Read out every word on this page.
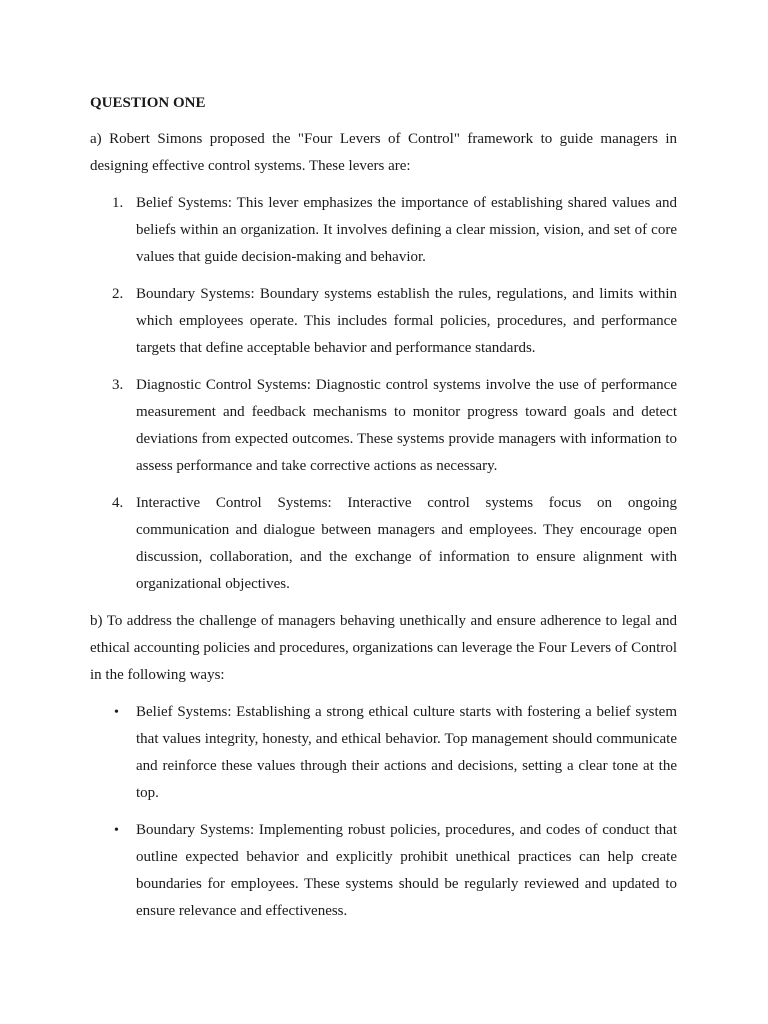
QUESTION ONE

a) Robert Simons proposed the "Four Levers of Control" framework to guide managers in designing effective control systems. These levers are:

1. Belief Systems: This lever emphasizes the importance of establishing shared values and beliefs within an organization. It involves defining a clear mission, vision, and set of core values that guide decision-making and behavior.
2. Boundary Systems: Boundary systems establish the rules, regulations, and limits within which employees operate. This includes formal policies, procedures, and performance targets that define acceptable behavior and performance standards.
3. Diagnostic Control Systems: Diagnostic control systems involve the use of performance measurement and feedback mechanisms to monitor progress toward goals and detect deviations from expected outcomes. These systems provide managers with information to assess performance and take corrective actions as necessary.
4. Interactive Control Systems: Interactive control systems focus on ongoing communication and dialogue between managers and employees. They encourage open discussion, collaboration, and the exchange of information to ensure alignment with organizational objectives.

b) To address the challenge of managers behaving unethically and ensure adherence to legal and ethical accounting policies and procedures, organizations can leverage the Four Levers of Control in the following ways:

•	Belief Systems: Establishing a strong ethical culture starts with fostering a belief system that values integrity, honesty, and ethical behavior. Top management should communicate and reinforce these values through their actions and decisions, setting a clear tone at the top.
•	Boundary Systems: Implementing robust policies, procedures, and codes of conduct that outline expected behavior and explicitly prohibit unethical practices can help create boundaries for employees. These systems should be regularly reviewed and updated to ensure relevance and effectiveness.
